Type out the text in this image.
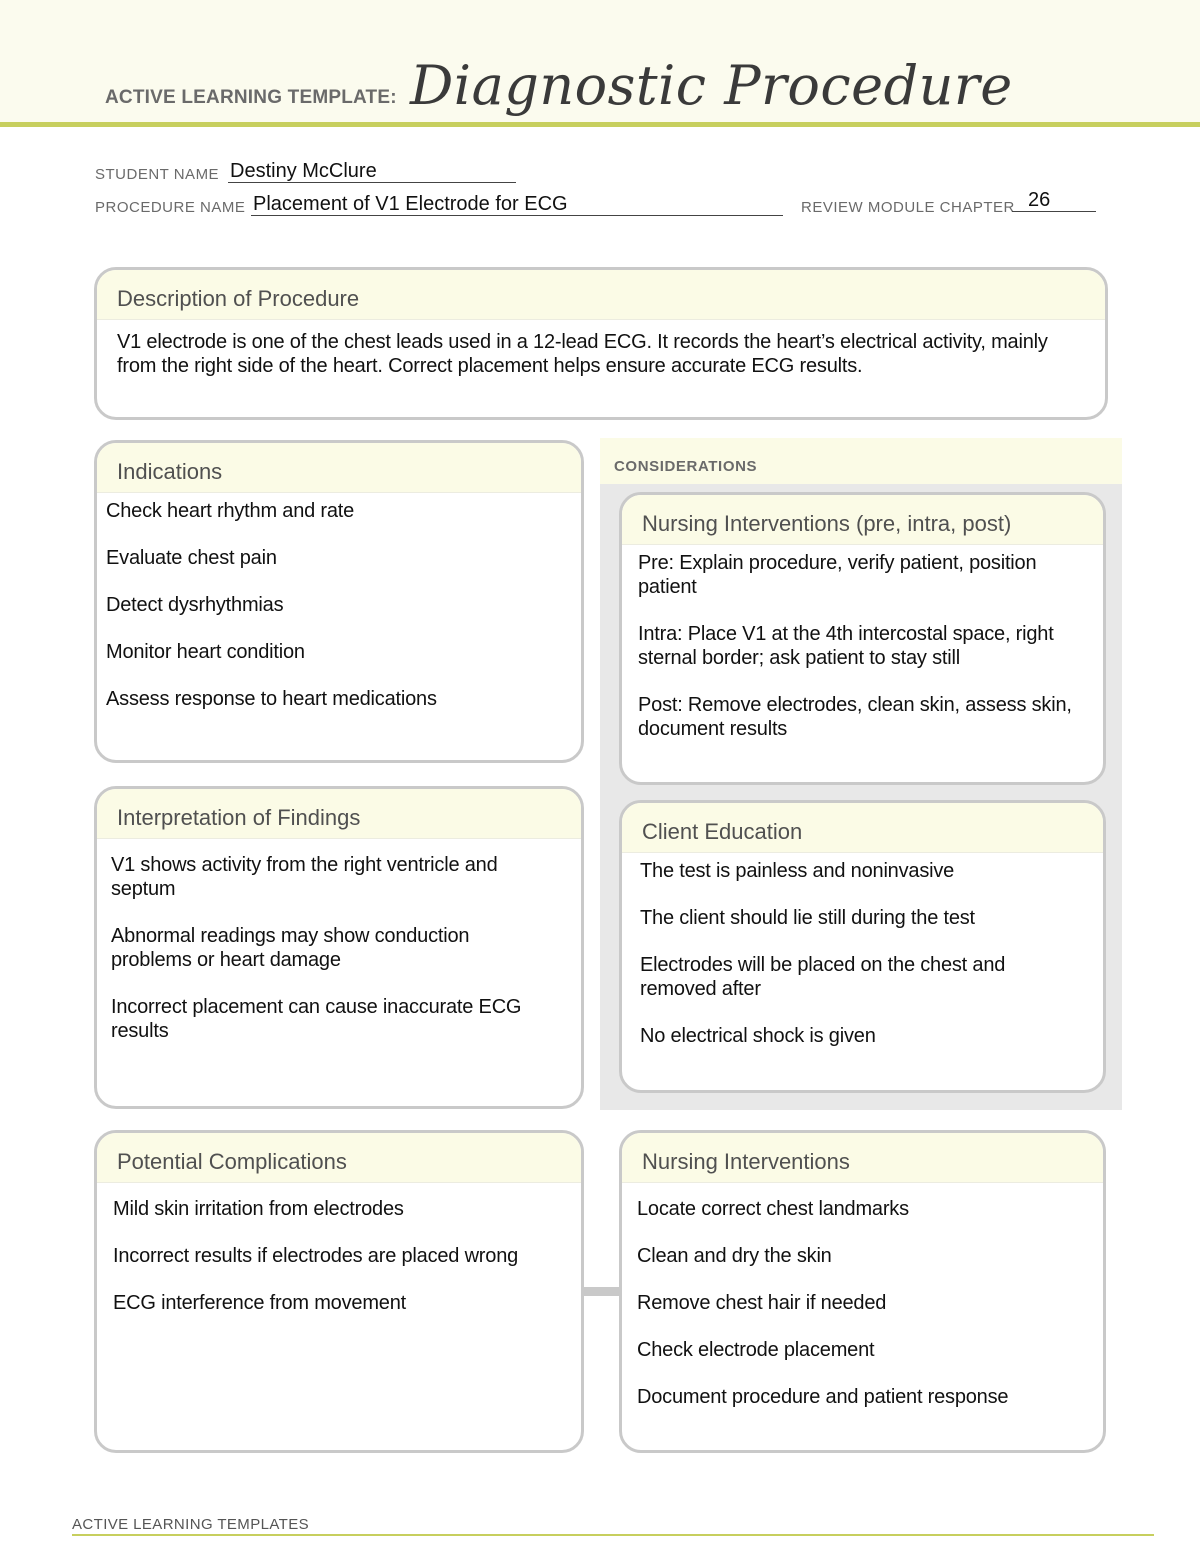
ACTIVE LEARNING TEMPLATE: Diagnostic Procedure
STUDENT NAME Destiny McClure
PROCEDURE NAME Placement of V1 Electrode for ECG	REVIEW MODULE CHAPTER 26
Description of Procedure
V1 electrode is one of the chest leads used in a 12-lead ECG. It records the heart’s electrical activity, mainly from the right side of the heart. Correct placement helps ensure accurate ECG results.
Indications
Check heart rhythm and rate
Evaluate chest pain
Detect dysrhythmias
Monitor heart condition
Assess response to heart medications
CONSIDERATIONS
Nursing Interventions (pre, intra, post)
Pre: Explain procedure, verify patient, position patient
Intra: Place V1 at the 4th intercostal space, right sternal border; ask patient to stay still
Post: Remove electrodes, clean skin, assess skin, document results
Interpretation of Findings
V1 shows activity from the right ventricle and septum
Abnormal readings may show conduction problems or heart damage
Incorrect placement can cause inaccurate ECG results
Client Education
The test is painless and noninvasive
The client should lie still during the test
Electrodes will be placed on the chest and removed after
No electrical shock is given
Potential Complications
Mild skin irritation from electrodes
Incorrect results if electrodes are placed wrong
ECG interference from movement
Nursing Interventions
Locate correct chest landmarks
Clean and dry the skin
Remove chest hair if needed
Check electrode placement
Document procedure and patient response
ACTIVE LEARNING TEMPLATES
